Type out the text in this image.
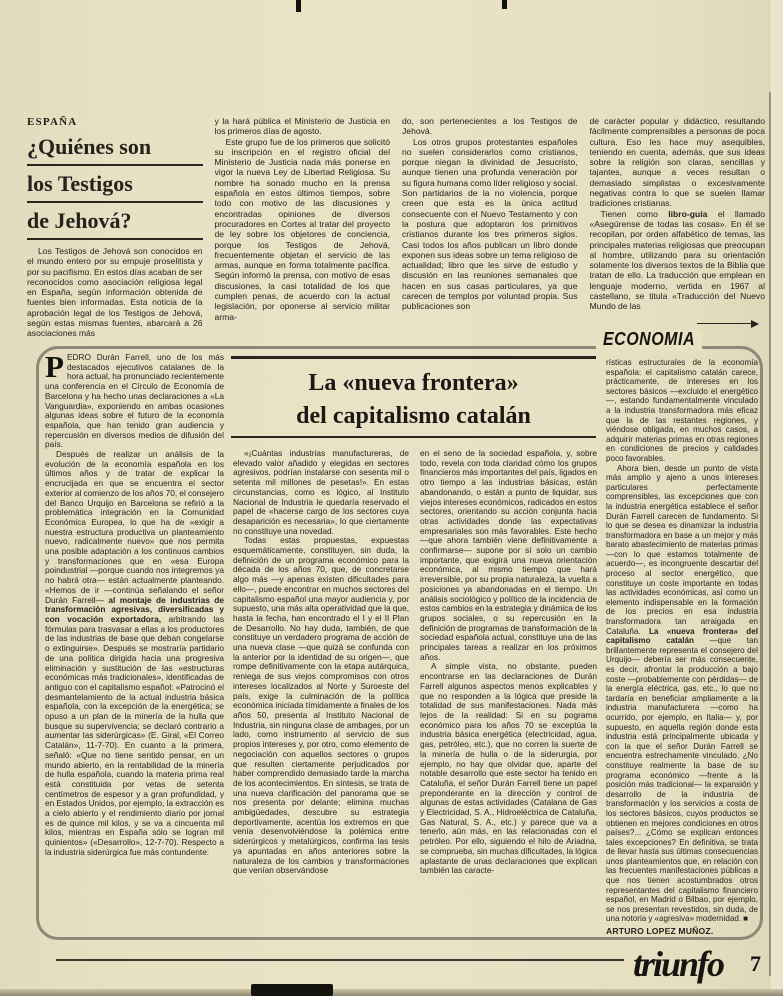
ESPAÑA
¿Quiénes son
los Testigos
de Jehová?

Los Testigos de Jehová son conocidos en el mundo entero por su empuje proselitista y por su pacifismo. En estos días acaban de ser reconocidos como asociación religiosa legal en España, según información obtenida de fuentes bien informadas. Esta noticia de la aprobación legal de los Testigos de Jehová, según estas mismas fuentes, abarcará a 26 asociaciones más

y la hará pública el Ministerio de Justicia en los primeros días de agosto.

Este grupo fue de los primeros que solicitó su inscripción en el registro oficial del Ministerio de Justicia nada más ponerse en vigor la nueva Ley de Libertad Religiosa. Su nombre ha sonado mucho en la prensa española en estos últimos tiempos, sobre todo con motivo de las discusiones y encontradas opiniones de diversos procuradores en Cortes al tratar del proyecto de ley sobre los objetores de conciencia, porque los Testigos de Jehová, frecuentemente objetan el servicio de las armas, aunque en forma totalmente pacífica. Según informó la prensa, con motivo de esas discusiones, la casi totalidad de los que cumplen penas, de acuerdo con la actual legislación, por oponerse al servicio militar arma-

do, son pertenecientes a los Testigos de Jehová.

Los otros grupos protestantes españoles no suelen considerarlos como cristianos, porque niegan la divinidad de Jesucristo, aunque tienen una profunda veneración por su figura humana como líder religioso y social. Son partidarios de la no violencia, porque creen que esta es la única actitud consecuente con el Nuevo Testamento y con la postura que adoptaron los primitivos cristianos durante los tres primeros siglos. Casi todos los años publican un libro donde exponen sus ideas sobre un tema religioso de actualidad; libro que les sirve de estudio y discusión en las reuniones semanales que hacen en sus casas particulares, ya que carecen de templos por voluntad propia. Sus publicaciones son

de carácter popular y didáctico, resultando fácilmente comprensibles a personas de poca cultura. Eso les hace muy asequibles, teniendo en cuenta, además, que sus ideas sobre la religión son claras, sencillas y tajantes, aunque a veces resultan o demasiado simplistas o excesivamente negativas contra lo que se suelen llamar tradiciones cristianas.

Tienen como libro-guía el llamado «Asegúrense de todas las cosas». En él se recopilan, por orden alfabético de temas, las principales materias religiosas que preocupan al hombre, utilizando para su orientación solamente los diversos textos de la Biblia que tratan de ello. La traducción que emplean en lenguaje moderno, vertida en 1967 al castellano, se titula «Traducción del Nuevo Mundo de las

ECONOMIA
La «nueva frontera»
del capitalismo catalán

PEDRO Durán Farrell, uno de los más destacados ejecutivos catalanes de la hora actual, ha pronunciado recientemente una conferencia en el Círculo de Economía de Barcelona y ha hecho unas declaraciones a «La Vanguardia», exponiendo en ambas ocasiones algunas ideas sobre el futuro de la economía española, que han tenido gran audiencia y repercusión en diversos medios de difusión del país.

Después de realizar un análisis de la evolución de la economía española en los últimos años y de tratar de explicar la encrucijada en que se encuentra el sector exterior al comienzo de los años 70, el consejero del Banco Urquijo en Barcelona se refirió a la problemática integración en la Comunidad Económica Europea, lo que ha de «exigir a nuestra estructura productiva un planteamiento nuevo, radicalmente nuevo» que nos permita una posible adaptación a los continuos cambios y transformaciones que en «esa Europa poindustrial —porque cuando nos integremos ya no habrá otra— están actualmente planteando. «Hemos de ir —continúa señalando el señor Durán Farrell— al montaje de industrias de transformación agresivas, diversificadas y con vocación exportadora, arbitrando las fórmulas para trasvasar a ellas a los productores de las industrias de base que deban congelarse o extinguirse». Después se mostraría partidario de una política dirigida hacia una progresiva eliminación y sustitución de las «estructuras económicas más tradicionales», identificadas de antiguo con el capitalismo español: «Patrocinó el desmantelamiento de la actual industria básica española, con la excepción de la energética; se opuso a un plan de la minería de la hulla que busque su supervivencia; se declaró contrario a aumentar las siderúrgicas» (E. Giral, «El Correo Catalán», 11-7-70). En cuanto a la primera, señaló: «Que no tiene sentido pensar, en un mundo abierto, en la rentabilidad de la minería de hulla española, cuando la materia prima real está constituida por vetas de setenta centímetros de espesor y a gran profundidad, y en Estados Unidos, por ejemplo, la extracción es a cielo abierto y el rendimiento diario por jornal es de quince mil kilos, y se va a cincuenta mil kilos, mientras en España sólo se logran mil quinientos» («Desarrollo», 12-7-70). Respecto a la industria siderúrgica fue más contundente:

«¡Cuántas industrias manufactureras, de elevado valor añadido y elegidas en sectores agresivos, podrían instalarse con sesenta mil o setenta mil millones de pesetas!». En estas circunstancias, como es lógico, al Instituto Nacional de Industria le quedaría reservado el papel de «hacerse cargo de los sectores cuya desaparición es necesaria», lo que ciertamente no constituye una novedad.

Todas estas propuestas, expuestas esquemáticamente, constituyen, sin duda, la definición de un programa económico para la década de los años 70, que, de concretarse algo más —y apenas existen dificultades para ello—, puede encontrar en muchos sectores del capitalismo español una mayor audiencia y, por supuesto, una más alta operatividad que la que, hasta la fecha, han encontrado el I y el II Plan de Desarrollo. No hay duda, también, de que constituye un verdadero programa de acción de una nueva clase —que quizá se confunda con la anterior por la identidad de su origen—, que rompe definitivamente con la etapa autárquica, reniega de sus viejos compromisos con otros intereses localizados al Norte y Suroeste del país, exige la culminación de la política económica iniciada tímidamente a finales de los años 50, presenta al Instituto Nacional de Industria, sin ninguna clase de ambages, por un lado, como instrumento al servicio de sus propios intereses y, por otro, como elemento de negociación con aquellos sectores o grupos que resulten ciertamente perjudicados por haber comprendido demasiado tarde la marcha de los acontecimientos. En síntesis, se trata de una nueva clarificación del panorama que se nos presenta por delante; elimina muchas ambigüedades, descubre su estrategia deportivamente, acentúa los extremos en que venía desenvolviéndose la polémica entre siderúrgicos y metalúrgicos, confirma las tesis ya apuntadas en años anteriores sobre la naturaleza de los cambios y transformaciones que venían observándose

en el seno de la sociedad española, y, sobre todo, revela con toda claridad cómo los grupos financieros más importantes del país, ligados en otro tiempo a las industrias básicas, están abandonando, o están a punto de liquidar, sus viejos intereses económicos, radicados en estos sectores, orientando su acción conjunta hacia otras actividades donde las expectativas empresariales son más favorables. Este hecho —que ahora también viene definitivamente a confirmarse— supone por sí solo un cambio importante, que exigirá una nueva orientación económica, al mismo tiempo que hará irreversible, por su propia naturaleza, la vuelta a posiciones ya abandonadas en el tiempo. Un análisis sociológico y político de la incidencia de estos cambios en la estrategia y dinámica de los grupos sociales, o su repercusión en la definición de programas de transformación de la sociedad española actual, constituye una de las principales tareas a realizar en los próximos años.

A simple vista, no obstante, pueden encontrarse en las declaraciones de Durán Farrell algunos aspectos menos explicables y que no responden a la lógica que preside la totalidad de sus manifestaciones. Nada más lejos de la realidad: Si en su pograma económico para los años 70 se exceptúa la industria básica energética (electricidad, agua, gas, petróleo, etc.), que no corren la suerte de la minería de hulla o de la siderurgia, por ejemplo, no hay que olvidar que, aparte del notable desarrollo que este sector ha tenido en Cataluña, el señor Durán Farrell tiene un papel preponderante en la dirección y control de algunas de estas actividades (Catalana de Gas y Electricidad, S. A., Hidroeléctrica de Cataluña, Gas Natural, S. A., etc.) y parece que va a tenerlo, aún más, en las relacionadas con el petróleo. Por ello, siguiendo el hilo de Ariadna, se comprueba, sin muchas dificultades, la lógica aplastante de unas declaraciones que explican también las caracte-

rísticas estructurales de la economía española: el capitalismo catalán carece, prácticamente, de intereses en los sectores básicos —excluido el energético—, estando fundamentalmente vinculado a la industria transformadora más eficaz que la de las restantes regiones, y viéndose obligada, en muchos casos, a adquirir materias primas en otras regiones en condiciones de precios y calidades poco favorables.

Ahora bien, desde un punto de vista más amplio y ajeno a unos intereses particulares perfectamente comprensibles, las excepciones que con la industria energética establece el señor Durán Farrell carecen de fundamento. Si lo que se desea es dinamizar la industria transformadora en base a un mejor y más barato abastecimiento de materias primas —con lo que estamos totalmente de acuerdo—, es incongruente descartar del proceso al sector energético, que constituye un coste importante en todas las actividades económicas, así como un elemento indispensable en la formación de los precios en esa industria transformadora tan arraigada en Cataluña. La «nueva frontera» del capitalismo catalán —que tan brillantemente representa el consejero del Urquijo— debería ser más consecuente, es decir, afrontar la producción a bajo coste —probablemente con pérdidas— de la energía eléctrica, gas, etc., lo que no tardaría en beneficiar ampliamente a la industria manufacturera —como ha ocurrido, por ejemplo, en Italia— y, por supuesto, en aquella región donde esta industria está principalmente ubicada y con la que el señor Durán Farrell se encuentra estrechamente vinculado. ¿No constituye realmente la base de su programa económico —frente a la posición más tradicional— la expansión y desarrollo de la industria de transformación y los servicios a costa de los sectores básicos, cuyos productos se obtienen en mejores condiciones en otros países?... ¿Cómo se explican entonces tales excepciones? En definitiva, se trata de llevar hasta sus últimas consecuencias unos planteamientos que, en relación con las frecuentes manifestaciones públicas a que nos tienen acostumbrados otros representantes del capitalismo financiero español, en Madrid o Bilbao, por ejemplo, se nos presentan revestidos, sin duda, de una notoria y «agresiva» modernidad. ■

ARTURO LOPEZ MUÑOZ.

triunfo 7
